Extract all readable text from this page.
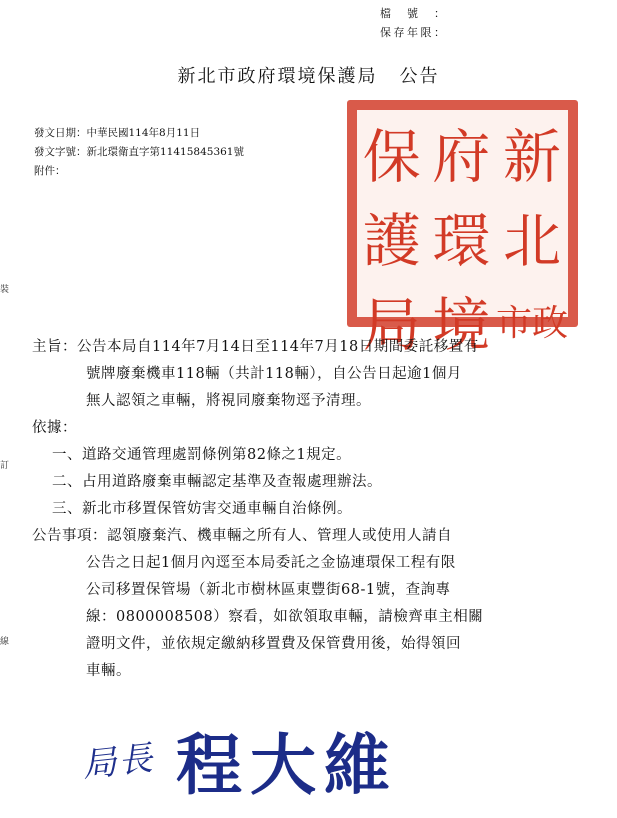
檔號：
保存年限：
新北市政府環境保護局 公告
發文日期：中華民國114年8月11日
發文字號：新北環衛直字第11415845361號
附件：
裝
訂
線
保 府 新
護 環 北
局 境 市 政
主旨：公告本局自114年7月14日至114年7月18日期間委託移置有
號牌廢棄機車118輛（共計118輛），自公告日起逾1個月
無人認領之車輛，將視同廢棄物逕予清理。
依據：
一、道路交通管理處罰條例第82條之1規定。
二、占用道路廢棄車輛認定基準及查報處理辦法。
三、新北市移置保管妨害交通車輛自治條例。
公告事項：認領廢棄汽、機車輛之所有人、管理人或使用人請自
公告之日起1個月內逕至本局委託之金協連環保工程有限
公司移置保管場（新北市樹林區東豐街68-1號，查詢專
線：0800008508）察看，如欲領取車輛，請檢齊車主相關
證明文件，並依規定繳納移置費及保管費用後，始得領回
車輛。
局長 程大維
